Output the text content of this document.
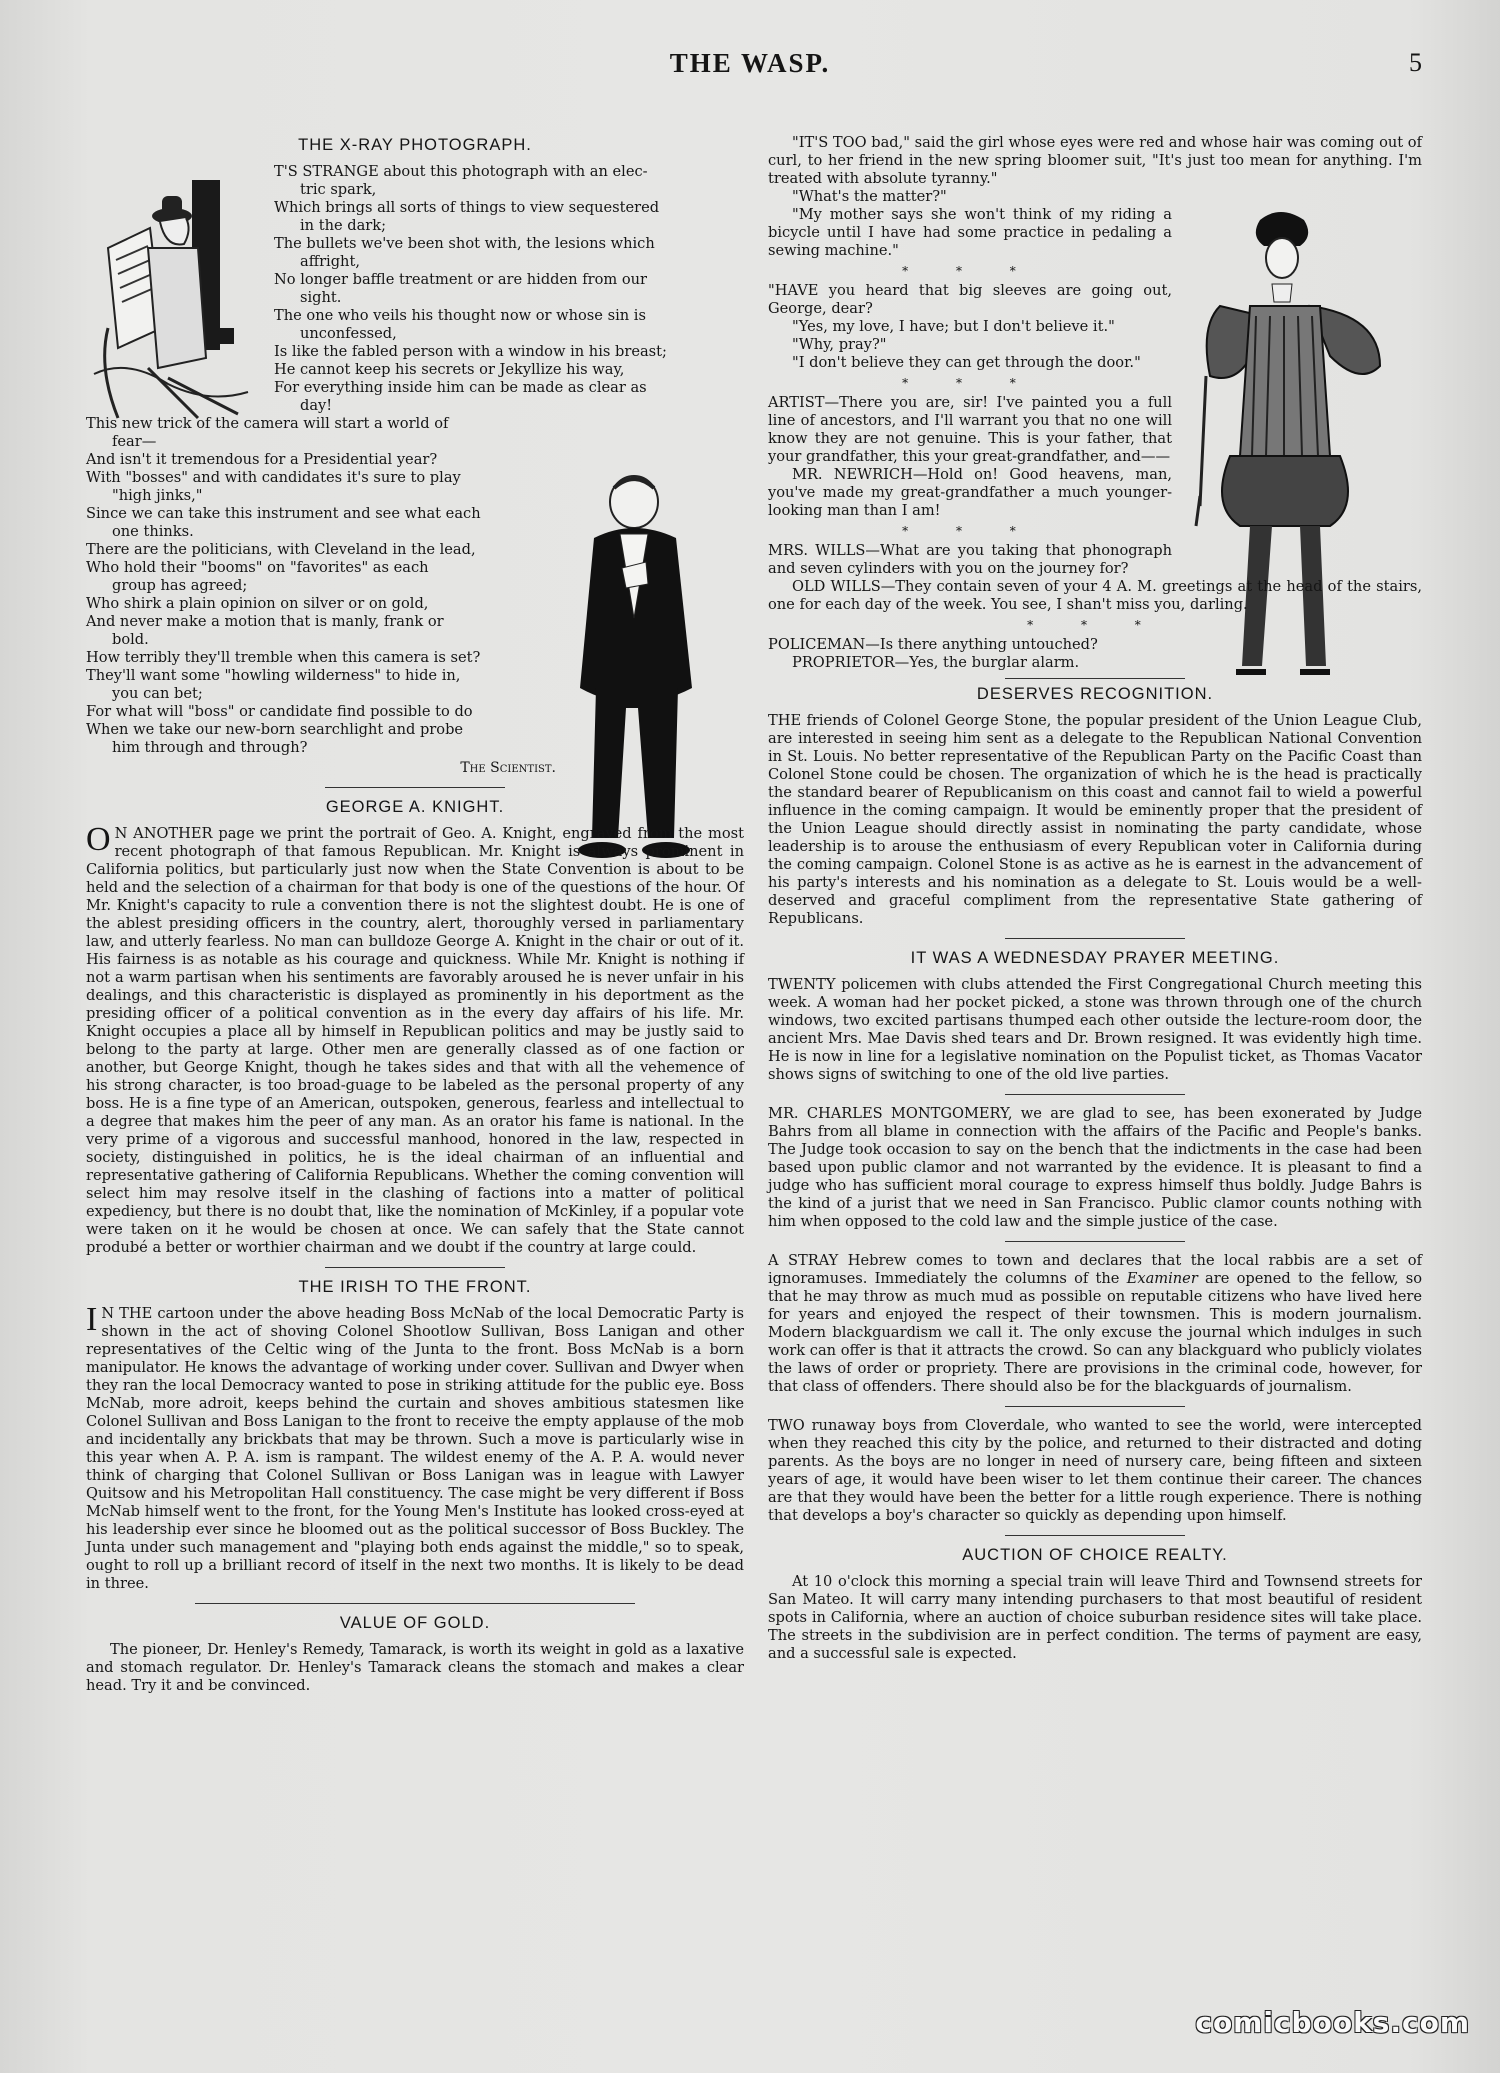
THE WASP.	5
THE X-RAY PHOTOGRAPH.
T'S STRANGE about this photograph with an elec-
tric spark,
Which brings all sorts of things to view sequestered
in the dark;
The bullets we've been shot with, the lesions which
affright,
No longer baffle treatment or are hidden from our
sight.
The one who veils his thought now or whose sin is
unconfessed,
Is like the fabled person with a window in his breast;
He cannot keep his secrets or Jekyllize his way,
For everything inside him can be made as clear as
day!
This new trick of the camera will start a world of
fear—
And isn't it tremendous for a Presidential year?
With "bosses" and with candidates it's sure to play
"high jinks,"
Since we can take this instrument and see what each
one thinks.
There are the politicians, with Cleveland in the lead,
Who hold their "booms" on "favorites" as each
group has agreed;
Who shirk a plain opinion on silver or on gold,
And never make a motion that is manly, frank or
bold.
How terribly they'll tremble when this camera is set?
They'll want some "howling wilderness" to hide in,
you can bet;
For what will "boss" or candidate find possible to do
When we take our new-born searchlight and probe
him through and through?
The Scientist.
GEORGE A. KNIGHT.

O N ANOTHER page we print the portrait of Geo. A. Knight, engraved from the most recent photograph of that famous Republican. Mr. Knight is always prominent in California politics, but particularly just now when the State Convention is about to be held and the selection of a chairman for that body is one of the questions of the hour. Of Mr. Knight's capacity to rule a convention there is not the slightest doubt. He is one of the ablest presiding officers in the country, alert, thoroughly versed in parliamentary law, and utterly fearless. No man can bulldoze George A. Knight in the chair or out of it. His fairness is as notable as his courage and quickness. While Mr. Knight is nothing if not a warm partisan when his sentiments are favorably aroused he is never unfair in his dealings, and this characteristic is displayed as prominently in his deportment as the presiding officer of a political convention as in the every day affairs of his life. Mr. Knight occupies a place all by himself in Republican politics and may be justly said to belong to the party at large. Other men are generally classed as of one faction or another, but George Knight, though he takes sides and that with all the vehemence of his strong character, is too broad-guage to be labeled as the personal property of any boss. He is a fine type of an American, outspoken, generous, fearless and intellectual to a degree that makes him the peer of any man. As an orator his fame is national. In the very prime of a vigorous and successful manhood, honored in the law, respected in society, distinguished in politics, he is the ideal chairman of an influential and representative gathering of California Republicans. Whether the coming convention will select him may resolve itself in the clashing of factions into a matter of political expediency, but there is no doubt that, like the nomination of McKinley, if a popular vote were taken on it he would be chosen at once. We can safely that the State cannot produbé a better or worthier chairman and we doubt if the country at large could.

THE IRISH TO THE FRONT.

I N THE cartoon under the above heading Boss McNab of the local Democratic Party is shown in the act of shoving Colonel Shootlow Sullivan, Boss Lanigan and other representatives of the Celtic wing of the Junta to the front. Boss McNab is a born manipulator. He knows the advantage of working under cover. Sullivan and Dwyer when they ran the local Democracy wanted to pose in striking attitude for the public eye. Boss McNab, more adroit, keeps behind the curtain and shoves ambitious statesmen like Colonel Sullivan and Boss Lanigan to the front to receive the empty applause of the mob and incidentally any brickbats that may be thrown. Such a move is particularly wise in this year when A. P. A. ism is rampant. The wildest enemy of the A. P. A. would never think of charging that Colonel Sullivan or Boss Lanigan was in league with Lawyer Quitsow and his Metropolitan Hall constituency. The case might be very different if Boss McNab himself went to the front, for the Young Men's Institute has looked cross-eyed at his leadership ever since he bloomed out as the political successor of Boss Buckley. The Junta under such management and "playing both ends against the middle," so to speak, ought to roll up a brilliant record of itself in the next two months. It is likely to be dead in three.

VALUE OF GOLD.

The pioneer, Dr. Henley's Remedy, Tamarack, is worth its weight in gold as a laxative and stomach regulator. Dr. Henley's Tamarack cleans the stomach and makes a clear head. Try it and be convinced.

"IT'S TOO bad," said the girl whose eyes were red and whose hair was coming out of curl, to her friend in the new spring bloomer suit, "It's just too mean for anything. I'm treated with absolute tyranny."

"What's the matter?"

"My mother says she won't think of my riding a bicycle until I have had some practice in pedaling a sewing machine."

* * *

"HAVE you heard that big sleeves are going out, George, dear?

"Yes, my love, I have; but I don't believe it."

"Why, pray?"

"I don't believe they can get through the door."

* * *

ARTIST—There you are, sir! I've painted you a full line of ancestors, and I'll warrant you that no one will know they are not genuine. This is your father, that your grandfather, this your great-grandfather, and——

MR. NEWRICH—Hold on! Good heavens, man, you've made my great-grandfather a much younger-looking man than I am!

* * *

MRS. WILLS—What are you taking that phonograph and seven cylinders with you on the journey for?

OLD WILLS—They contain seven of your 4 A. M. greetings at the head of the stairs, one for each day of the week. You see, I shan't miss you, darling.

* * *

POLICEMAN—Is there anything untouched?

PROPRIETOR—Yes, the burglar alarm.

DESERVES RECOGNITION.

THE friends of Colonel George Stone, the popular president of the Union League Club, are interested in seeing him sent as a delegate to the Republican National Convention in St. Louis. No better representative of the Republican Party on the Pacific Coast than Colonel Stone could be chosen. The organization of which he is the head is practically the standard bearer of Republicanism on this coast and cannot fail to wield a powerful influence in the coming campaign. It would be eminently proper that the president of the Union League should directly assist in nominating the party candidate, whose leadership is to arouse the enthusiasm of every Republican voter in California during the coming campaign. Colonel Stone is as active as he is earnest in the advancement of his party's interests and his nomination as a delegate to St. Louis would be a well-deserved and graceful compliment from the representative State gathering of Republicans.

IT WAS A WEDNESDAY PRAYER MEETING.

TWENTY policemen with clubs attended the First Congregational Church meeting this week. A woman had her pocket picked, a stone was thrown through one of the church windows, two excited partisans thumped each other outside the lecture-room door, the ancient Mrs. Mae Davis shed tears and Dr. Brown resigned. It was evidently high time. He is now in line for a legislative nomination on the Populist ticket, as Thomas Vacator shows signs of switching to one of the old live parties.

MR. CHARLES MONTGOMERY, we are glad to see, has been exonerated by Judge Bahrs from all blame in connection with the affairs of the Pacific and People's banks. The Judge took occasion to say on the bench that the indictments in the case had been based upon public clamor and not warranted by the evidence. It is pleasant to find a judge who has sufficient moral courage to express himself thus boldly. Judge Bahrs is the kind of a jurist that we need in San Francisco. Public clamor counts nothing with him when opposed to the cold law and the simple justice of the case.

A STRAY Hebrew comes to town and declares that the local rabbis are a set of ignoramuses. Immediately the columns of the Examiner are opened to the fellow, so that he may throw as much mud as possible on reputable citizens who have lived here for years and enjoyed the respect of their townsmen. This is modern journalism. Modern blackguardism we call it. The only excuse the journal which indulges in such work can offer is that it attracts the crowd. So can any blackguard who publicly violates the laws of order or propriety. There are provisions in the criminal code, however, for that class of offenders. There should also be for the blackguards of journalism.

TWO runaway boys from Cloverdale, who wanted to see the world, were intercepted when they reached this city by the police, and returned to their distracted and doting parents. As the boys are no longer in need of nursery care, being fifteen and sixteen years of age, it would have been wiser to let them continue their career. The chances are that they would have been the better for a little rough experience. There is nothing that develops a boy's character so quickly as depending upon himself.

AUCTION OF CHOICE REALTY.

At 10 o'clock this morning a special train will leave Third and Townsend streets for San Mateo. It will carry many intending purchasers to that most beautiful of resident spots in California, where an auction of choice suburban residence sites will take place. The streets in the subdivision are in perfect condition. The terms of payment are easy, and a successful sale is expected.

comicbooks.com
